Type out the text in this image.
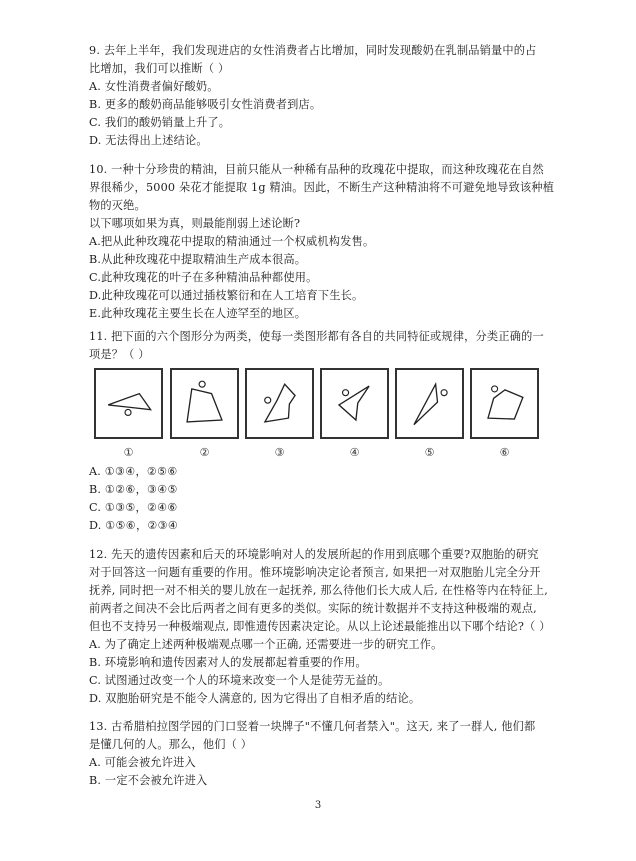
9. 去年上半年，我们发现进店的女性消费者占比增加，同时发现酸奶在乳制品销量中的占
比增加，我们可以推断（ ）
A. 女性消费者偏好酸奶。
B. 更多的酸奶商品能够吸引女性消费者到店。
C. 我们的酸奶销量上升了。
D. 无法得出上述结论。
10. 一种十分珍贵的精油，目前只能从一种稀有品种的玫瑰花中提取，而这种玫瑰花在自然
界很稀少，5000 朵花才能提取 1g 精油。因此，不断生产这种精油将不可避免地导致该种植
物的灭绝。
以下哪项如果为真，则最能削弱上述论断?
A.把从此种玫瑰花中提取的精油通过一个权威机构发售。
B.从此种玫瑰花中提取精油生产成本很高。
C.此种玫瑰花的叶子在多种精油品种都使用。
D.此种玫瑰花可以通过插枝繁衍和在人工培育下生长。
E.此种玫瑰花主要生长在人迹罕至的地区。
11. 把下面的六个图形分为两类，使每一类图形都有各自的共同特征或规律，分类正确的一
项是？（ ）
①	②	③	④	⑤	⑥
A. ①③④，②⑤⑥
B. ①②⑥，③④⑤
C. ①③⑤，②④⑥
D. ①⑤⑥，②③④
12. 先天的遗传因素和后天的环境影响对人的发展所起的作用到底哪个重要?双胞胎的研究
对于回答这一问题有重要的作用。惟环境影响决定论者预言, 如果把一对双胞胎儿完全分开
抚养, 同时把一对不相关的婴儿放在一起抚养, 那么待他们长大成人后, 在性格等内在特征上,
前两者之间决不会比后两者之间有更多的类似。实际的统计数据并不支持这种极端的观点,
但也不支持另一种极端观点, 即惟遗传因素决定论。从以上论述最能推出以下哪个结论?（ ）
A. 为了确定上述两种极端观点哪一个正确, 还需要进一步的研究工作。
B. 环境影响和遗传因素对人的发展都起着重要的作用。
C. 试图通过改变一个人的环境来改变一个人是徒劳无益的。
D. 双胞胎研究是不能令人满意的, 因为它得出了自相矛盾的结论。
13. 古希腊柏拉图学园的门口竖着一块牌子"不懂几何者禁入"。这天, 来了一群人, 他们都
是懂几何的人。那么，他们（ ）
A. 可能会被允许进入
B. 一定不会被允许进入
3
